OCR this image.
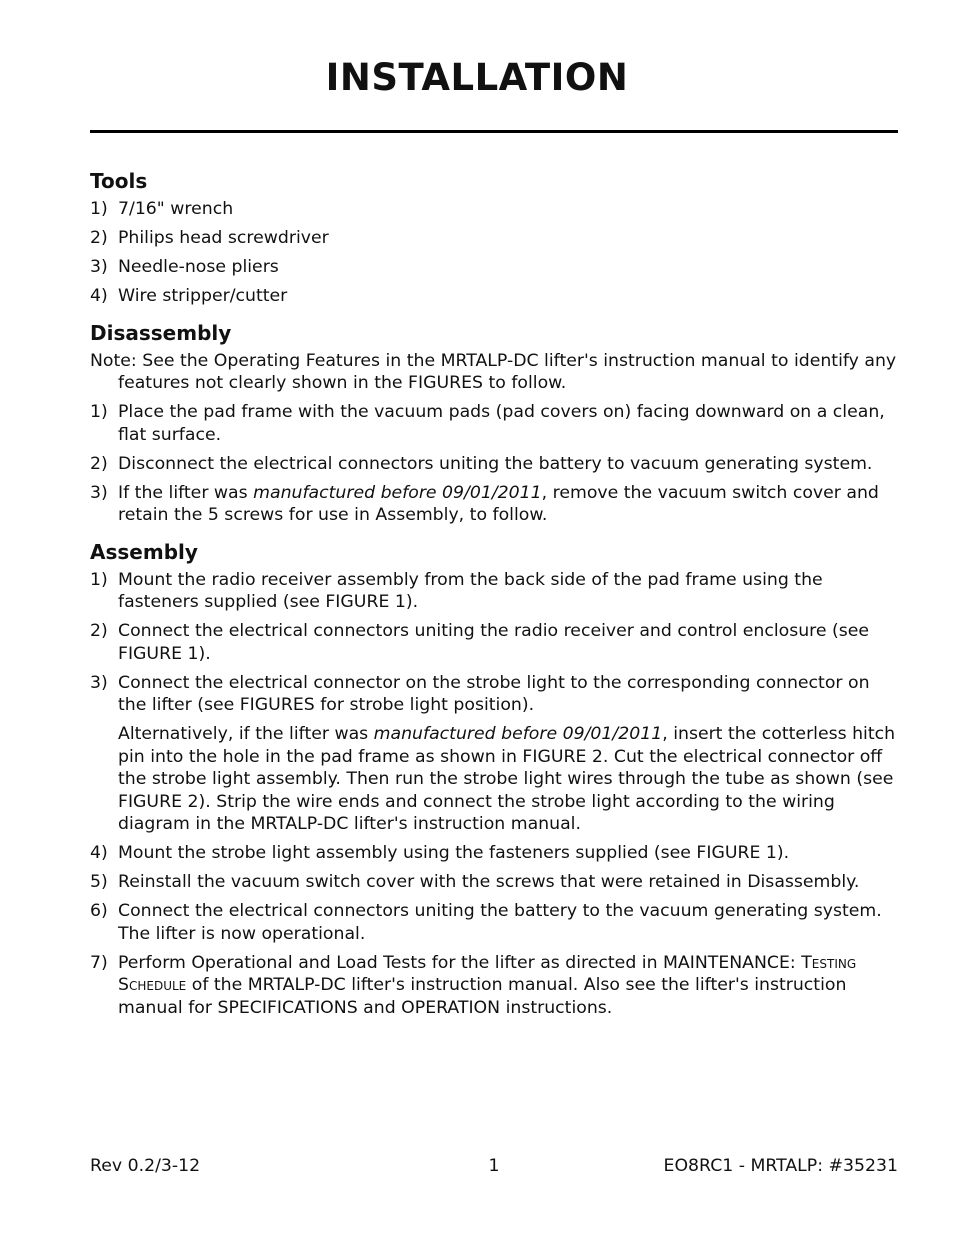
INSTALLATION
Tools
1) 7/16" wrench
2) Philips head screwdriver
3) Needle-nose pliers
4) Wire stripper/cutter
Disassembly
Note: See the Operating Features in the MRTALP-DC lifter's instruction manual to identify any features not clearly shown in the FIGURES to follow.
1) Place the pad frame with the vacuum pads (pad covers on) facing downward on a clean, flat surface.
2) Disconnect the electrical connectors uniting the battery to vacuum generating system.
3) If the lifter was manufactured before 09/01/2011, remove the vacuum switch cover and retain the 5 screws for use in Assembly, to follow.
Assembly
1) Mount the radio receiver assembly from the back side of the pad frame using the fasteners supplied (see FIGURE 1).
2) Connect the electrical connectors uniting the radio receiver and control enclosure (see FIGURE 1).
3) Connect the electrical connector on the strobe light to the corresponding connector on the lifter (see FIGURES for strobe light position).
Alternatively, if the lifter was manufactured before 09/01/2011, insert the cotterless hitch pin into the hole in the pad frame as shown in FIGURE 2. Cut the electrical connector off the strobe light assembly. Then run the strobe light wires through the tube as shown (see FIGURE 2). Strip the wire ends and connect the strobe light according to the wiring diagram in the MRTALP-DC lifter's instruction manual.
4) Mount the strobe light assembly using the fasteners supplied (see FIGURE 1).
5) Reinstall the vacuum switch cover with the screws that were retained in Disassembly.
6) Connect the electrical connectors uniting the battery to the vacuum generating system. The lifter is now operational.
7) Perform Operational and Load Tests for the lifter as directed in MAINTENANCE: Testing Schedule of the MRTALP-DC lifter's instruction manual. Also see the lifter's instruction manual for SPECIFICATIONS and OPERATION instructions.
Rev 0.2/3-12	1	EO8RC1 - MRTALP: #35231
